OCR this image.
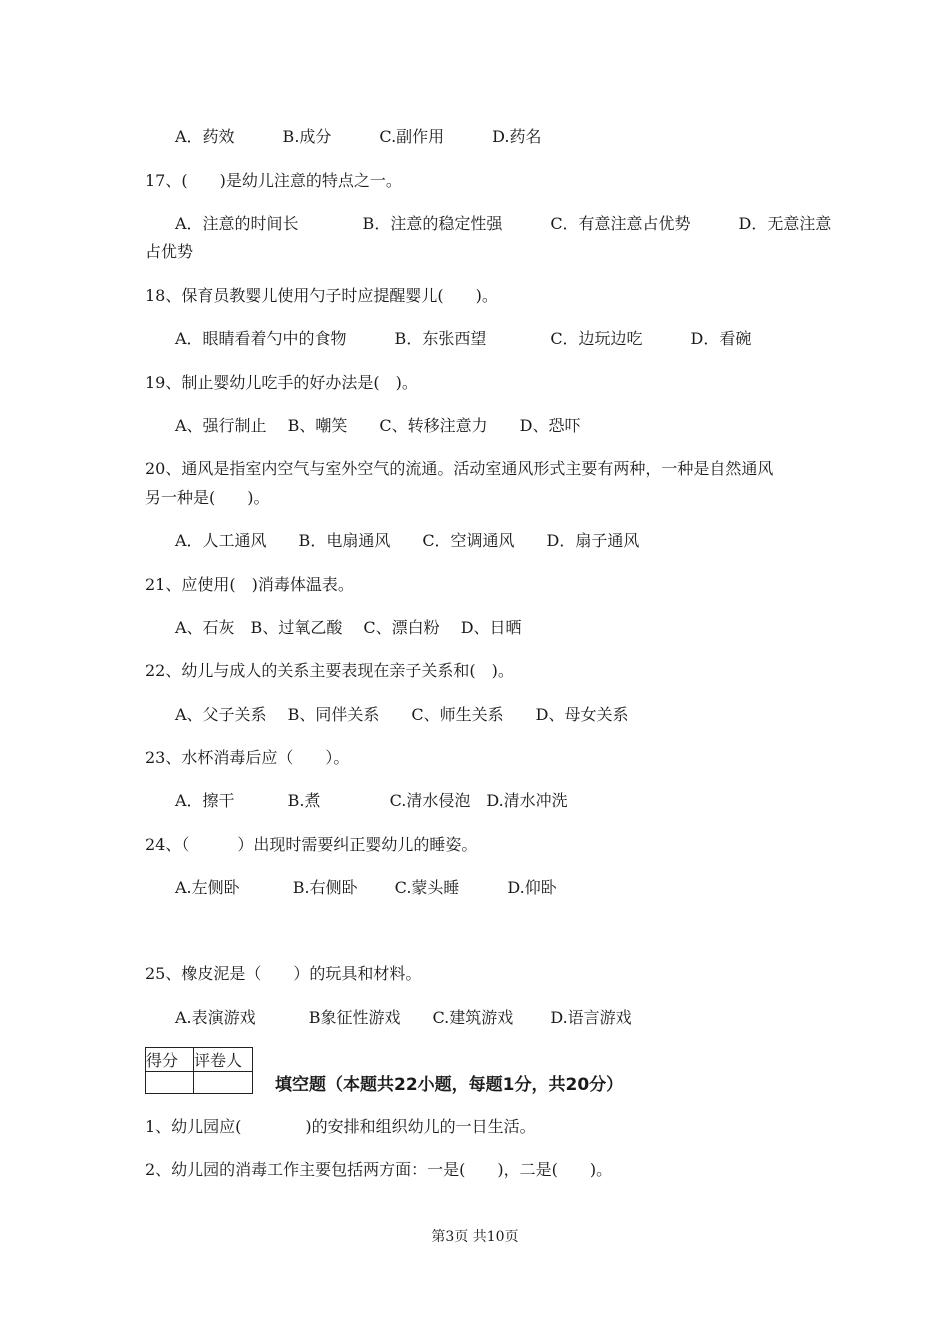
A．药效　　　B.成分　　　C.副作用　　　D.药名
17、(　　)是幼儿注意的特点之一。
A．注意的时间长　　　　B．注意的稳定性强　　　C．有意注意占优势　　　D．无意注意
占优势
18、保育员教婴儿使用勺子时应提醒婴儿(　　)。
A．眼睛看着勺中的食物　　　B．东张西望　　　　C．边玩边吃　　　D．看碗
19、制止婴幼儿吃手的好办法是(　)。
A、强行制止　 B、嘲笑　　C、转移注意力　　D、恐吓
20、通风是指室内空气与室外空气的流通。活动室通风形式主要有两种，一种是自然通风
另一种是(　　)。
A．人工通风　　B．电扇通风　　C．空调通风　　D．扇子通风
21、应使用(　)消毒体温表。
A、石灰　B、过氧乙酸　 C、漂白粉　 D、日晒
22、幼儿与成人的关系主要表现在亲子关系和(　)。
A、父子关系　 B、同伴关系　　C、师生关系　　D、母女关系
23、水杯消毒后应（　　）。
A．擦干　　　 B.煮　　　　 C.清水侵泡　D.清水冲洗
24、（　　　）出现时需要纠正婴幼儿的睡姿。
A.左侧卧　　　 B.右侧卧　　 C.蒙头睡　　　D.仰卧
25、橡皮泥是（　　）的玩具和材料。
A.表演游戏　　　 B象征性游戏　　C.建筑游戏　　 D.语言游戏
得分	评卷人

填空题（本题共22小题，每题1分，共20分）
1、幼儿园应(　　　　)的安排和组织幼儿的一日生活。
2、幼儿园的消毒工作主要包括两方面：一是(　　)，二是(　　)。
第3页 共10页
